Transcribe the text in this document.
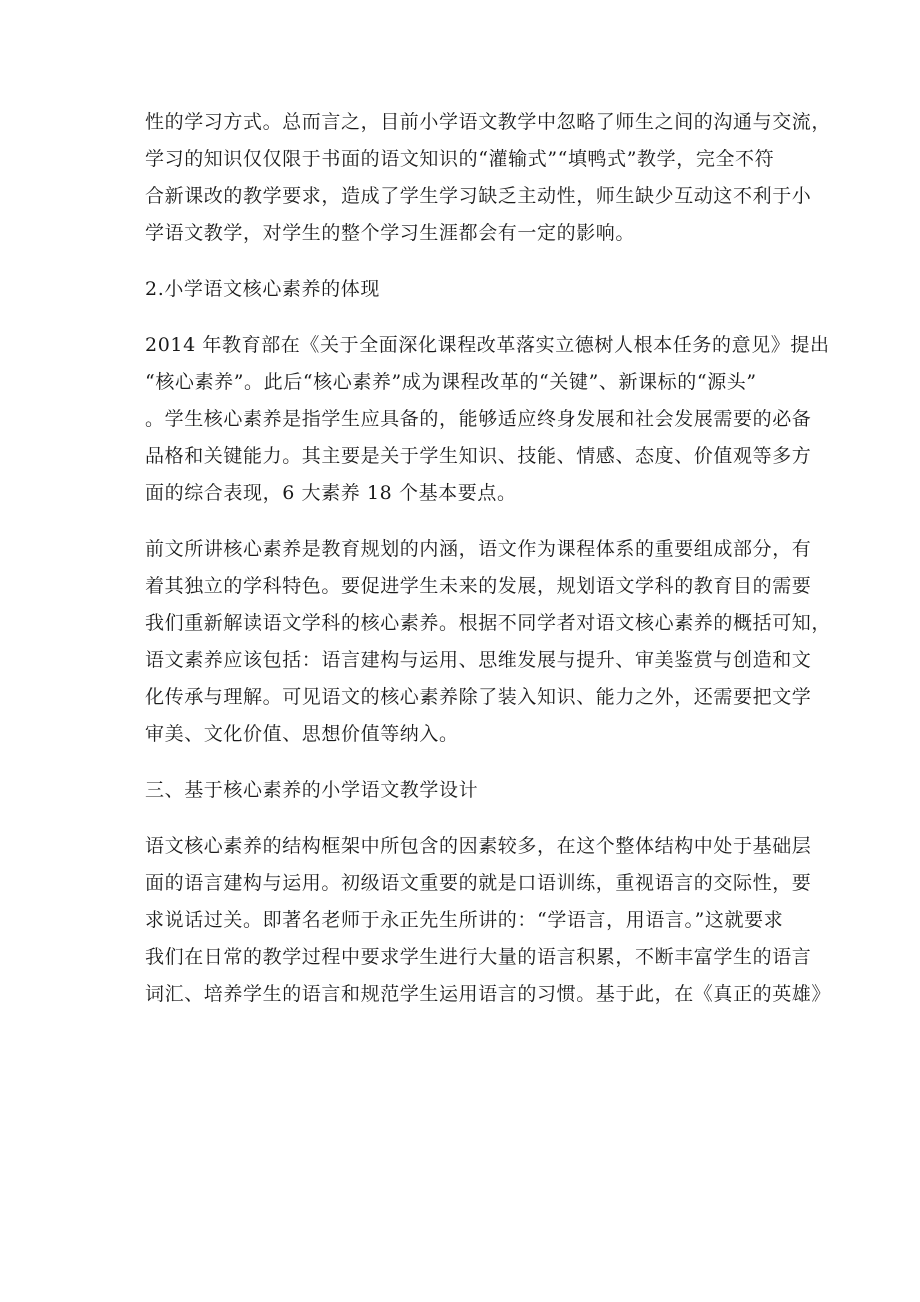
性的学习方式。总而言之，目前小学语文教学中忽略了师生之间的沟通与交流，
学习的知识仅仅限于书面的语文知识的“灌输式”“填鸭式”教学，完全不符
合新课改的教学要求，造成了学生学习缺乏主动性，师生缺少互动这不利于小
学语文教学，对学生的整个学习生涯都会有一定的影响。
2.小学语文核心素养的体现
2014 年教育部在《关于全面深化课程改革落实立德树人根本任务的意见》提出
“核心素养”。此后“核心素养”成为课程改革的“关键”、新课标的“源头”
。学生核心素养是指学生应具备的，能够适应终身发展和社会发展需要的必备
品格和关键能力。其主要是关于学生知识、技能、情感、态度、价值观等多方
面的综合表现，6 大素养 18 个基本要点。
前文所讲核心素养是教育规划的内涵，语文作为课程体系的重要组成部分，有
着其独立的学科特色。要促进学生未来的发展，规划语文学科的教育目的需要
我们重新解读语文学科的核心素养。根据不同学者对语文核心素养的概括可知，
语文素养应该包括：语言建构与运用、思维发展与提升、审美鉴赏与创造和文
化传承与理解。可见语文的核心素养除了装入知识、能力之外，还需要把文学
审美、文化价值、思想价值等纳入。
三、基于核心素养的小学语文教学设计
语文核心素养的结构框架中所包含的因素较多，在这个整体结构中处于基础层
面的语言建构与运用。初级语文重要的就是口语训练，重视语言的交际性，要
求说话过关。即著名老师于永正先生所讲的：“学语言，用语言。”这就要求
我们在日常的教学过程中要求学生进行大量的语言积累，不断丰富学生的语言
词汇、培养学生的语言和规范学生运用语言的习惯。基于此，在《真正的英雄》
